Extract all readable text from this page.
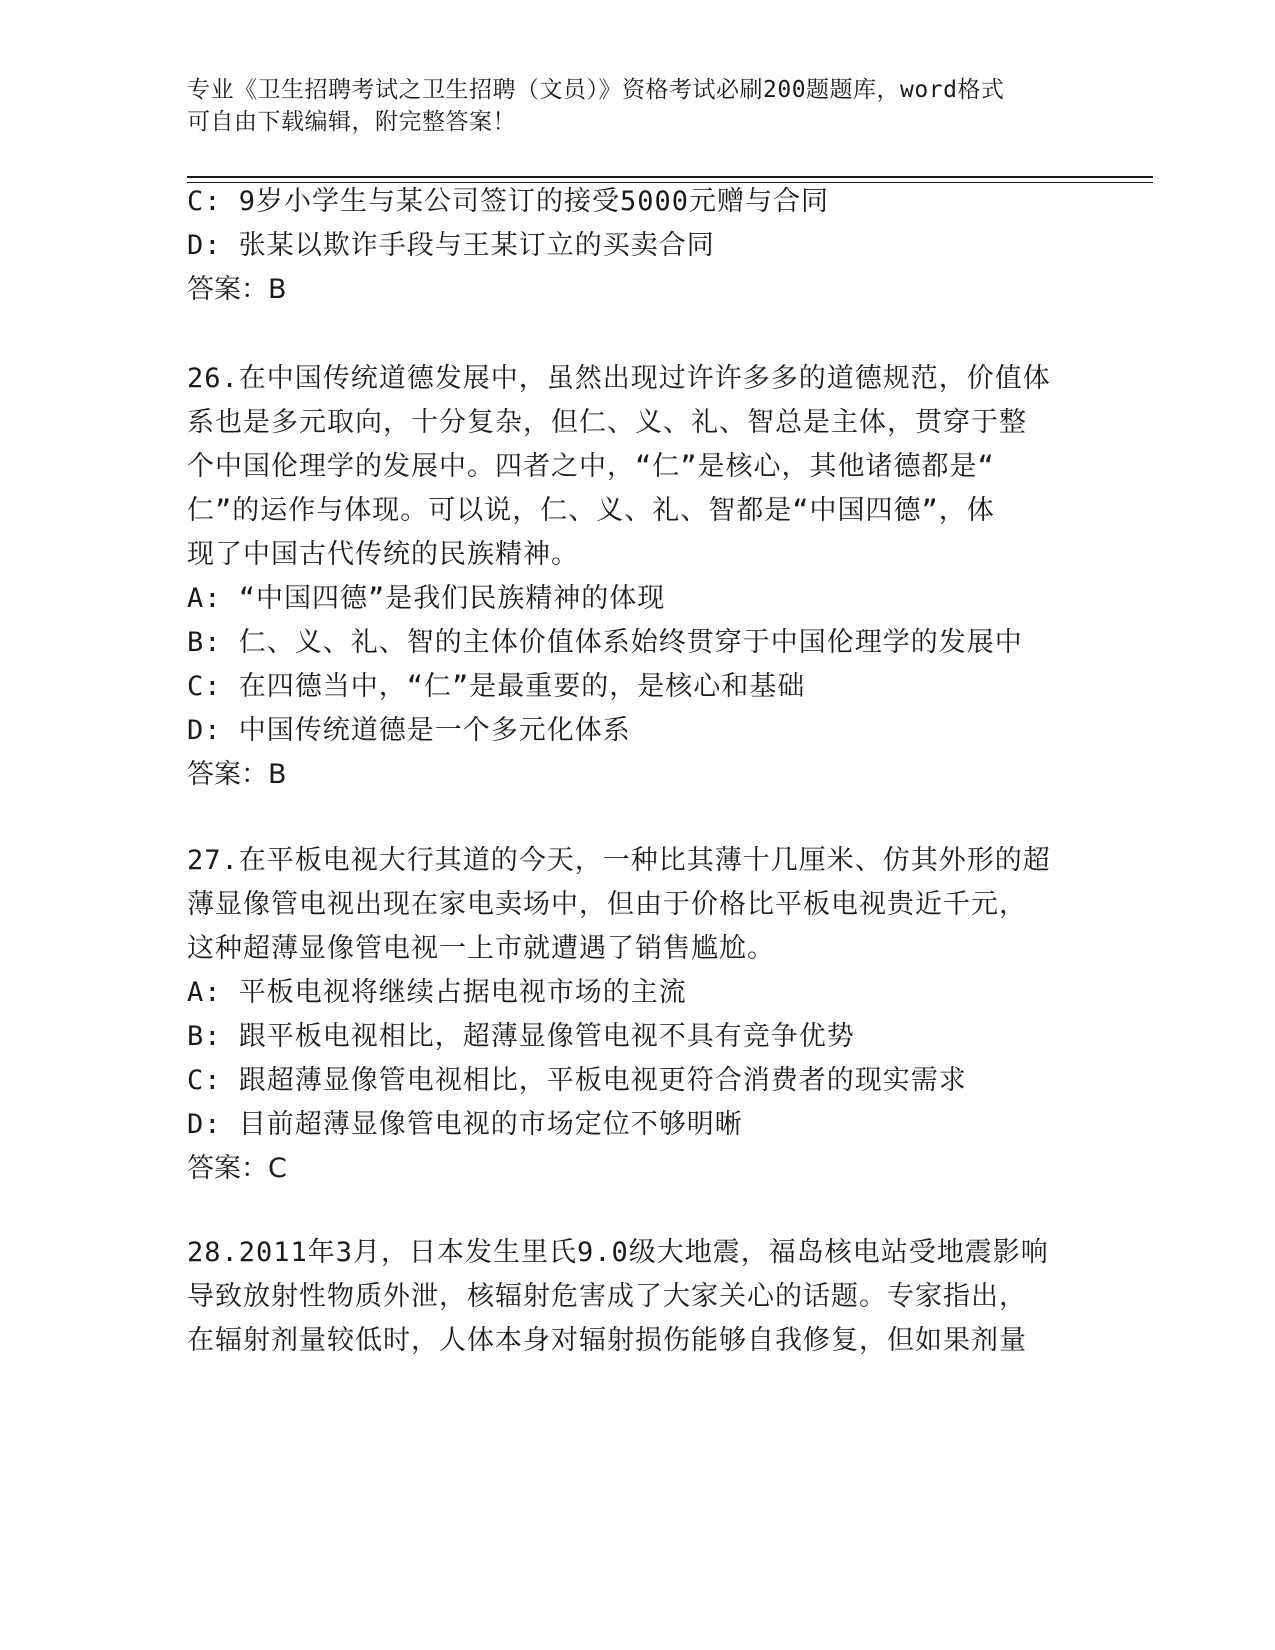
专业《卫生招聘考试之卫生招聘（文员）》资格考试必刷200题题库，word格式
可自由下载编辑，附完整答案！
C: 9岁小学生与某公司签订的接受5000元赠与合同
D: 张某以欺诈手段与王某订立的买卖合同
答案：B
26.在中国传统道德发展中，虽然出现过许许多多的道德规范，价值体
系也是多元取向，十分复杂，但仁、义、礼、智总是主体，贯穿于整
个中国伦理学的发展中。四者之中，“仁”是核心，其他诸德都是“
仁”的运作与体现。可以说，仁、义、礼、智都是“中国四德”，体
现了中国古代传统的民族精神。
A: “中国四德”是我们民族精神的体现
B: 仁、义、礼、智的主体价值体系始终贯穿于中国伦理学的发展中
C: 在四德当中，“仁”是最重要的，是核心和基础
D: 中国传统道德是一个多元化体系
答案：B
27.在平板电视大行其道的今天，一种比其薄十几厘米、仿其外形的超
薄显像管电视出现在家电卖场中，但由于价格比平板电视贵近千元，
这种超薄显像管电视一上市就遭遇了销售尴尬。
A: 平板电视将继续占据电视市场的主流
B: 跟平板电视相比，超薄显像管电视不具有竞争优势
C: 跟超薄显像管电视相比，平板电视更符合消费者的现实需求
D: 目前超薄显像管电视的市场定位不够明晰
答案：C
28.2011年3月，日本发生里氏9.0级大地震，福岛核电站受地震影响
导致放射性物质外泄，核辐射危害成了大家关心的话题。专家指出，
在辐射剂量较低时，人体本身对辐射损伤能够自我修复，但如果剂量
